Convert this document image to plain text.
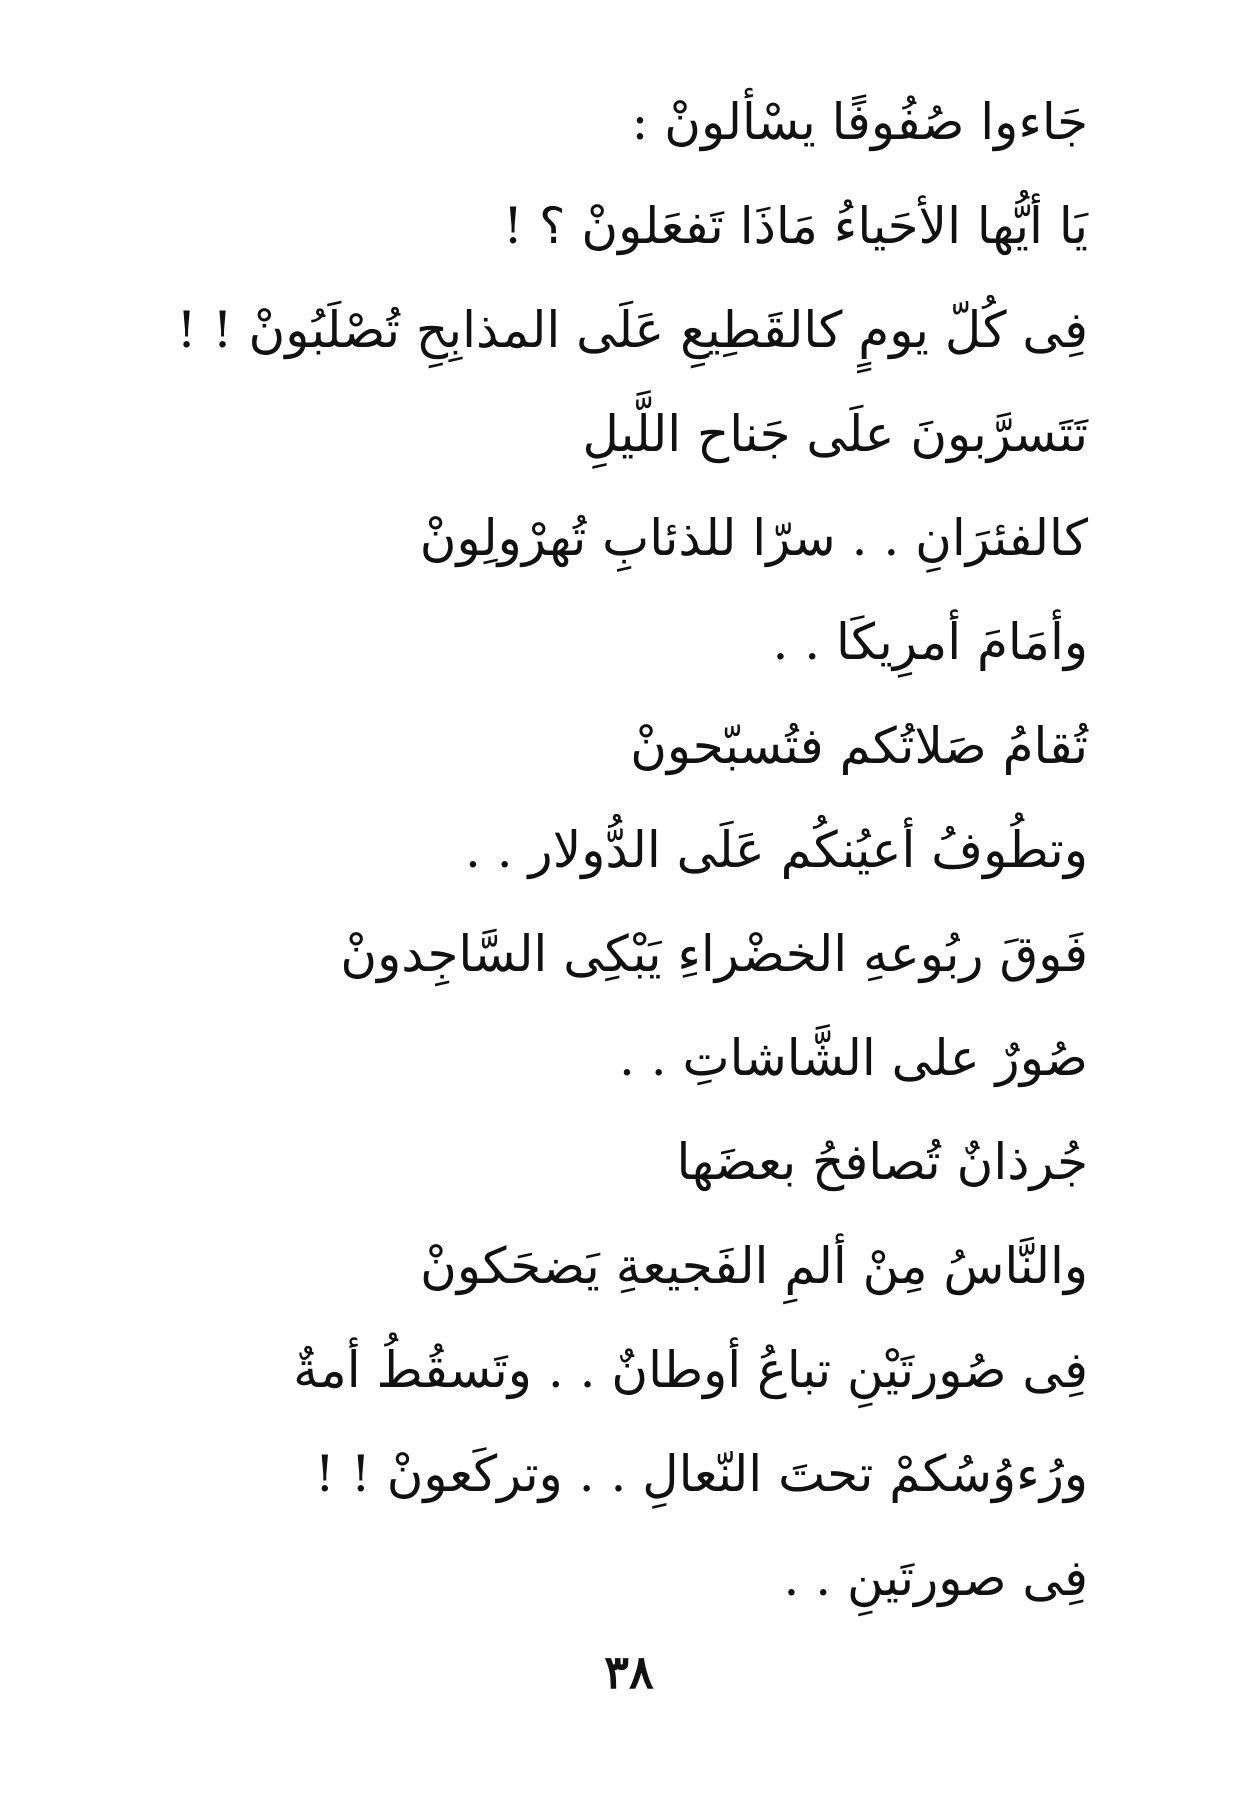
جَاءوا صُفُوفًا يسْألونْ :
يَا أيُّها الأحَياءُ مَاذَا تَفعَلونْ ؟ !
فِى كُلّ يومٍ كالقَطِيعِ عَلَى المذابِحِ تُصْلَبُونْ ! !
تَتَسرَّبونَ علَى جَناح اللَّيلِ
كالفئرَانِ . . سرّا للذئابِ تُهرْولِونْ
وأمَامَ أمرِيكَا . .
تُقامُ صَلاتُكم فتُسبّحونْ
وتطُوفُ أعيُنكُم عَلَى الدُّولار . .
فَوقَ ربُوعهِ الخضْراءِ يَبْكِى السَّاجِدونْ
صُورٌ على الشَّاشاتِ . .
جُرذانٌ تُصافحُ بعضَها
والنَّاسُ مِنْ ألمِ الفَجيعةِ يَضحَكونْ
فِى صُورتَيْنِ تباعُ أوطانٌ . . وتَسقُطُ أمةٌ
ورُءوُسُكمْ تحتَ النّعالِ . . وتركَعونْ ! !
فِى صورتَينِ . .
٣٨
